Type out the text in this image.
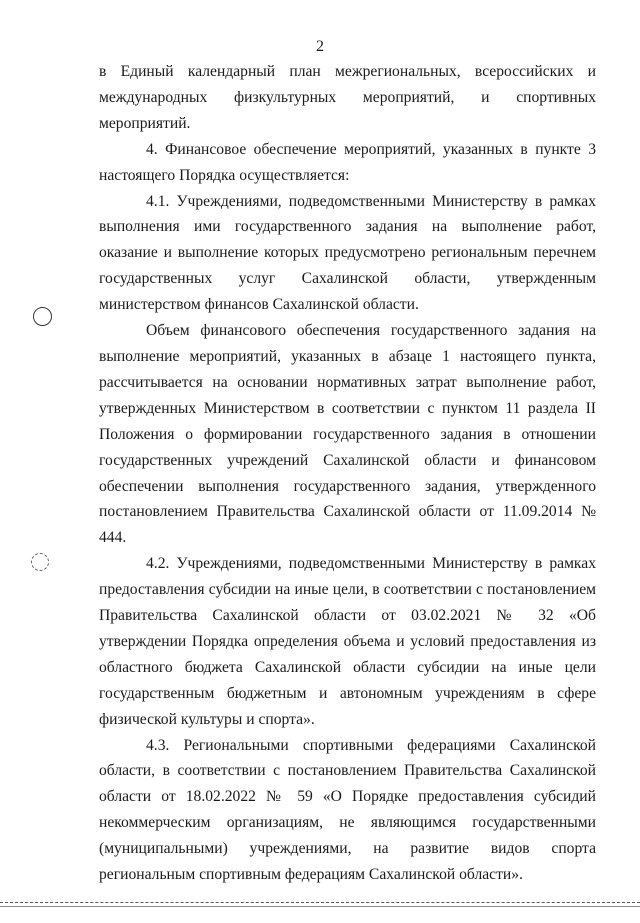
2

в Единый календарный план межрегиональных, всероссийских и международных физкультурных мероприятий, и спортивных мероприятий.

4. Финансовое обеспечение мероприятий, указанных в пункте 3 настоящего Порядка осуществляется:

4.1. Учреждениями, подведомственными Министерству в рамках выполнения ими государственного задания на выполнение работ, оказание и выполнение которых предусмотрено региональным перечнем государственных услуг Сахалинской области, утвержденным министерством финансов Сахалинской области.

Объем финансового обеспечения государственного задания на выполнение мероприятий, указанных в абзаце 1 настоящего пункта, рассчитывается на основании нормативных затрат выполнение работ, утвержденных Министерством в соответствии с пунктом 11 раздела II Положения о формировании государственного задания в отношении государственных учреждений Сахалинской области и финансовом обеспечении выполнения государственного задания, утвержденного постановлением Правительства Сахалинской области от 11.09.2014 № 444.

4.2. Учреждениями, подведомственными Министерству в рамках предоставления субсидии на иные цели, в соответствии с постановлением Правительства Сахалинской области от 03.02.2021 № 32 «Об утверждении Порядка определения объема и условий предоставления из областного бюджета Сахалинской области субсидии на иные цели государственным бюджетным и автономным учреждениям в сфере физической культуры и спорта».

4.3. Региональными спортивными федерациями Сахалинской области, в соответствии с постановлением Правительства Сахалинской области от 18.02.2022 № 59 «О Порядке предоставления субсидий некоммерческим организациям, не являющимся государственными (муниципальными) учреждениями, на развитие видов спорта региональным спортивным федерациям Сахалинской области».
